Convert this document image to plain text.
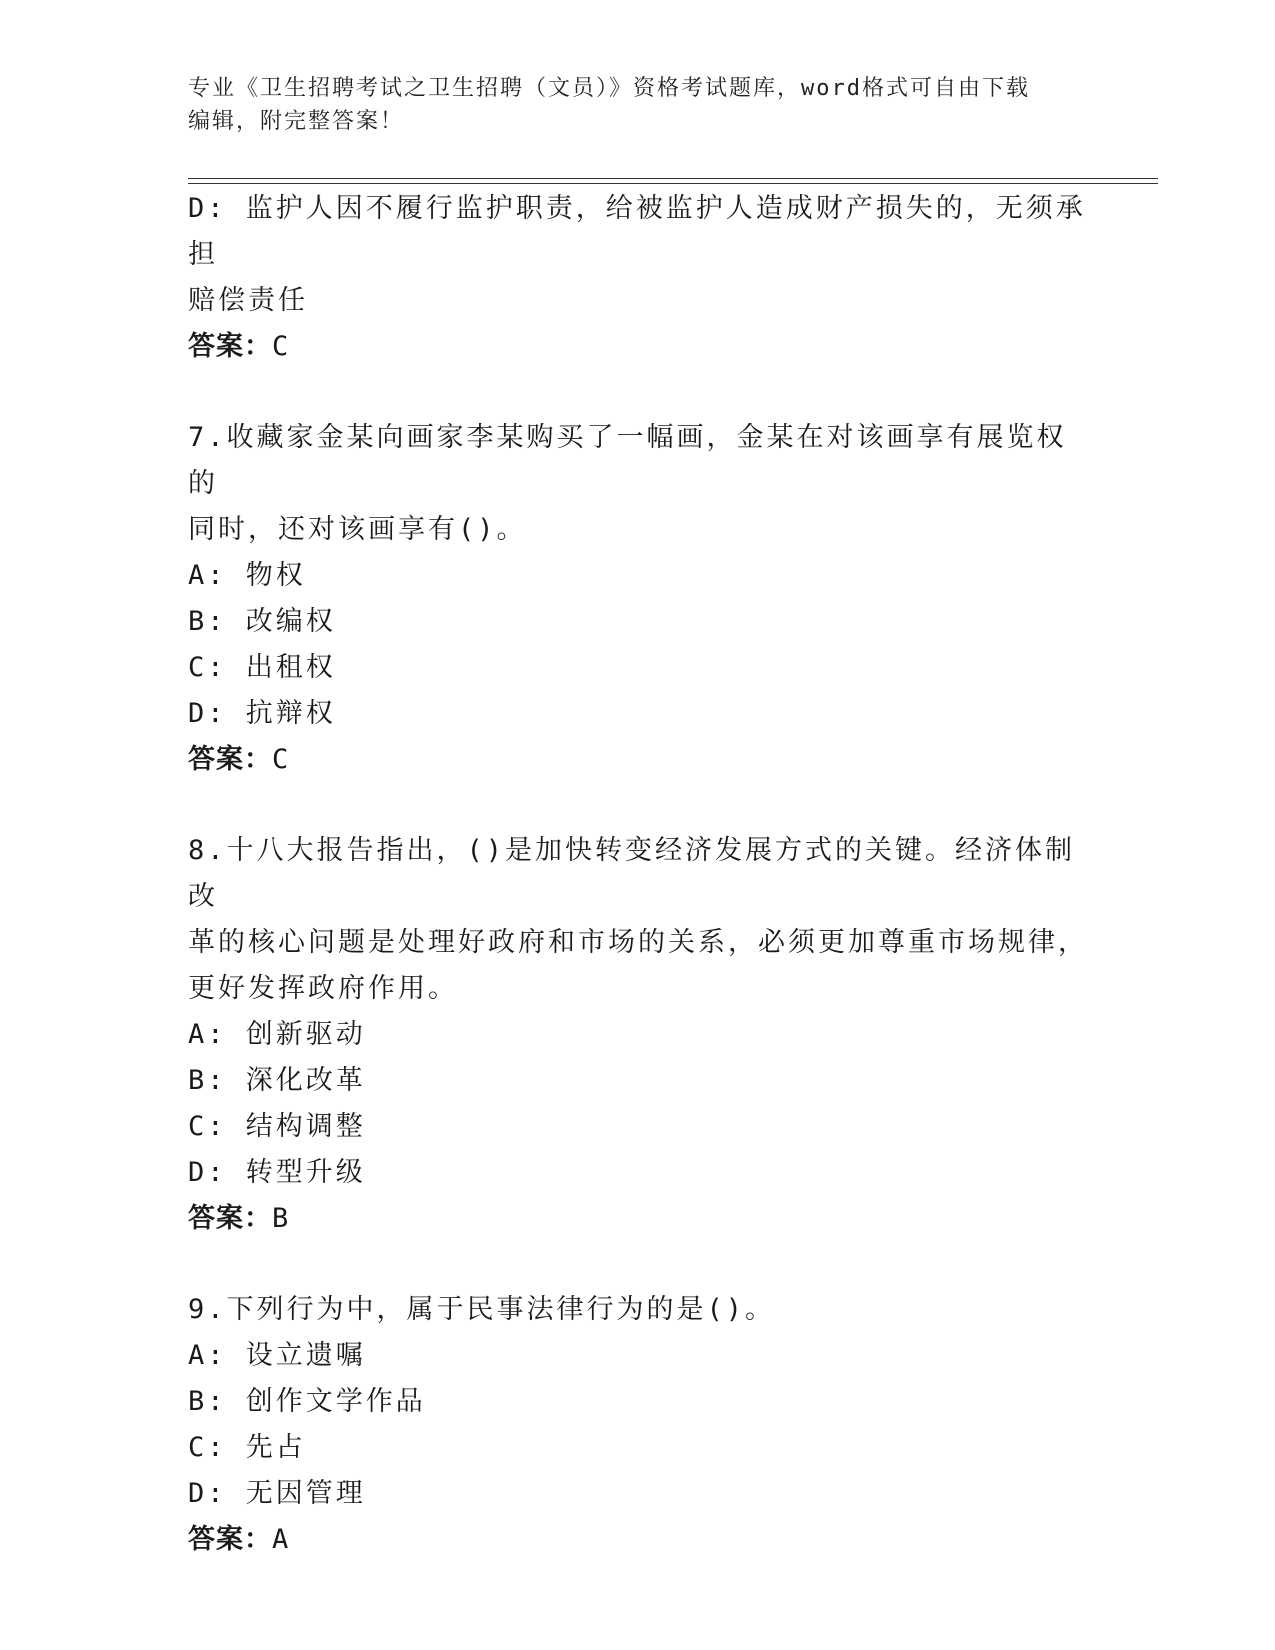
专业《卫生招聘考试之卫生招聘（文员）》资格考试题库，word格式可自由下载
编辑，附完整答案！

D: 监护人因不履行监护职责，给被监护人造成财产损失的，无须承担

赔偿责任

答案：C

7.收藏家金某向画家李某购买了一幅画，金某在对该画享有展览权的

同时，还对该画享有()。

A: 物权

B: 改编权

C: 出租权

D: 抗辩权

答案：C

8.十八大报告指出，()是加快转变经济发展方式的关键。经济体制改

革的核心问题是处理好政府和市场的关系，必须更加尊重市场规律，

更好发挥政府作用。

A: 创新驱动

B: 深化改革

C: 结构调整

D: 转型升级

答案：B

9.下列行为中，属于民事法律行为的是()。

A: 设立遗嘱

B: 创作文学作品

C: 先占

D: 无因管理

答案：A
